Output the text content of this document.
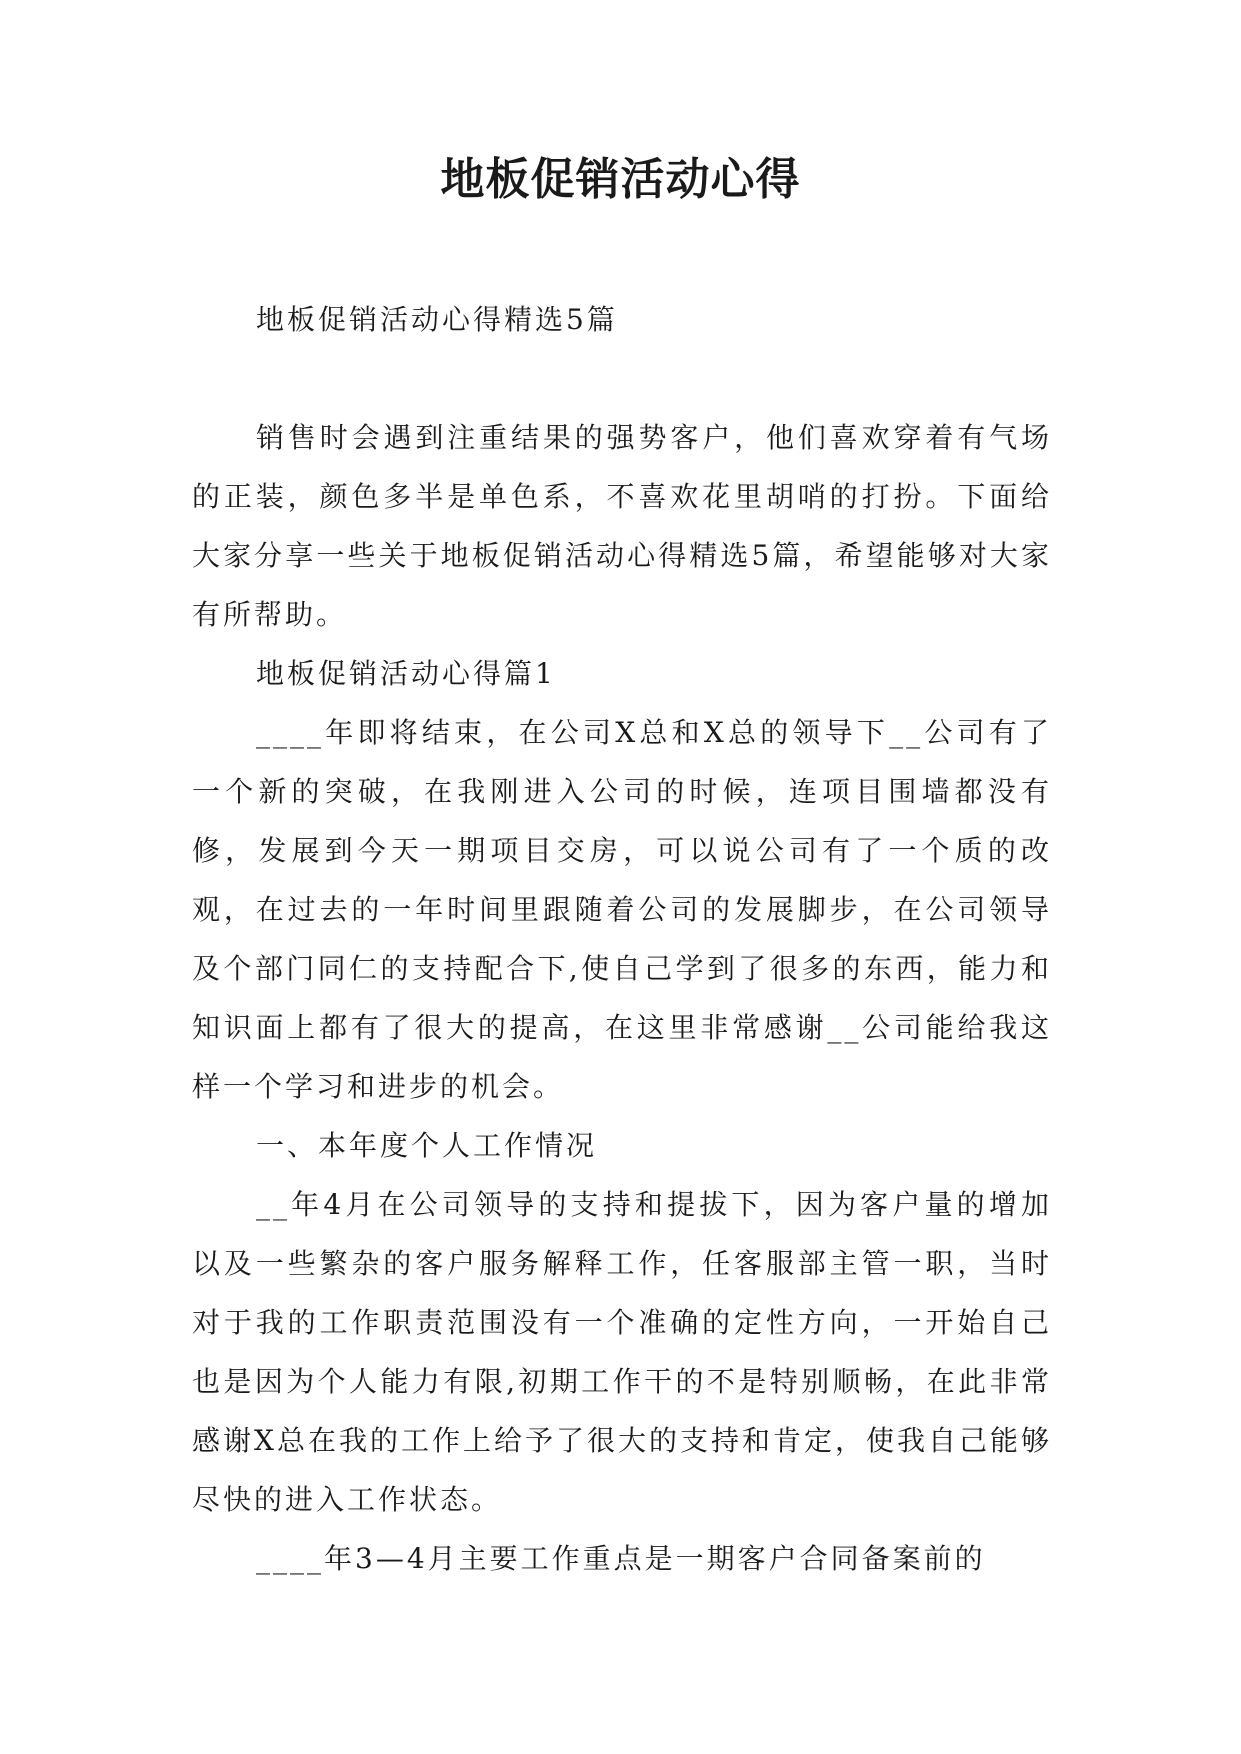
地板促销活动心得

地板促销活动心得精选5篇

销售时会遇到注重结果的强势客户，他们喜欢穿着有气场的正装，颜色多半是单色系，不喜欢花里胡哨的打扮。下面给大家分享一些关于地板促销活动心得精选5篇，希望能够对大家有所帮助。

地板促销活动心得篇1

____年即将结束，在公司X总和X总的领导下__公司有了一个新的突破，在我刚进入公司的时候，连项目围墙都没有修，发展到今天一期项目交房，可以说公司有了一个质的改观，在过去的一年时间里跟随着公司的发展脚步，在公司领导及个部门同仁的支持配合下,使自己学到了很多的东西，能力和知识面上都有了很大的提高，在这里非常感谢__公司能给我这样一个学习和进步的机会。

一、本年度个人工作情况

__年4月在公司领导的支持和提拔下，因为客户量的增加以及一些繁杂的客户服务解释工作，任客服部主管一职，当时对于我的工作职责范围没有一个准确的定性方向，一开始自己也是因为个人能力有限,初期工作干的不是特别顺畅，在此非常感谢X总在我的工作上给予了很大的支持和肯定，使我自己能够尽快的进入工作状态。

____年3—4月主要工作重点是一期客户合同备案前的
